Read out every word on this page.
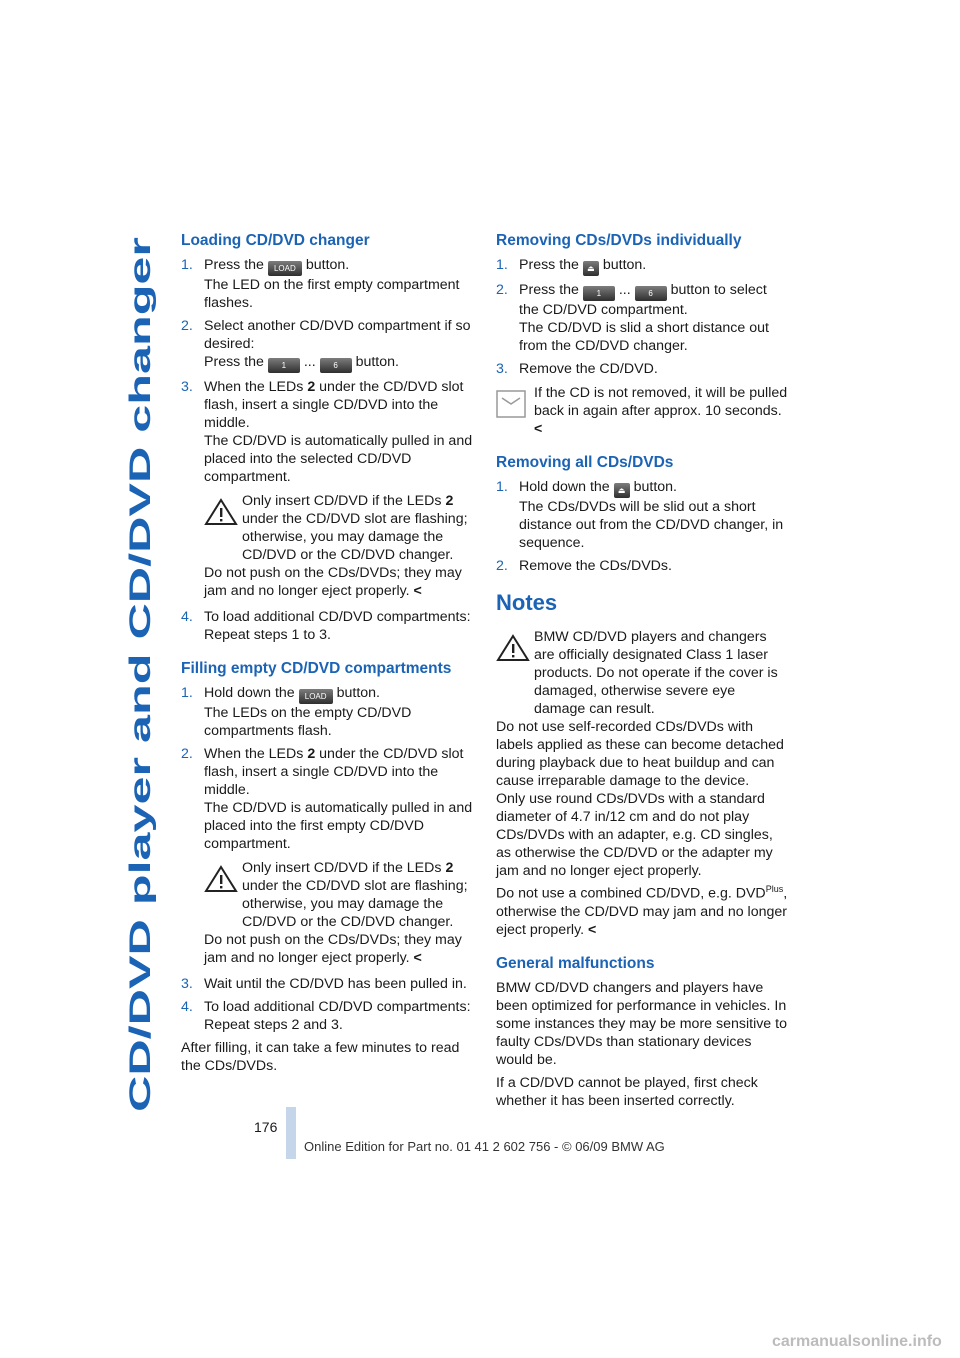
CD/DVD player and CD/DVD changer
Loading CD/DVD changer
1. Press the LOAD button.
The LED on the first empty compartment flashes.
2. Select another CD/DVD compartment if so desired:
Press the 1 ... 6 button.
3. When the LEDs 2 under the CD/DVD slot flash, insert a single CD/DVD into the middle.
The CD/DVD is automatically pulled in and placed into the selected CD/DVD compartment.
Only insert CD/DVD if the LEDs 2 under the CD/DVD slot are flashing; otherwise, you may damage the CD/DVD or the CD/DVD changer.
Do not push on the CDs/DVDs; they may jam and no longer eject properly. <
4. To load additional CD/DVD compartments:
Repeat steps 1 to 3.
Filling empty CD/DVD compartments
1. Hold down the LOAD button.
The LEDs on the empty CD/DVD compartments flash.
2. When the LEDs 2 under the CD/DVD slot flash, insert a single CD/DVD into the middle.
The CD/DVD is automatically pulled in and placed into the first empty CD/DVD compartment.
Only insert CD/DVD if the LEDs 2 under the CD/DVD slot are flashing; otherwise, you may damage the CD/DVD or the CD/DVD changer.
Do not push on the CDs/DVDs; they may jam and no longer eject properly. <
3. Wait until the CD/DVD has been pulled in.
4. To load additional CD/DVD compartments:
Repeat steps 2 and 3.

After filling, it can take a few minutes to read the CDs/DVDs.

Removing CDs/DVDs individually
1. Press the ⏏ button.
2. Press the 1 ... 6 button to select the CD/DVD compartment.
The CD/DVD is slid a short distance out from the CD/DVD changer.
3. Remove the CD/DVD.
If the CD is not removed, it will be pulled back in again after approx. 10 seconds. <
Removing all CDs/DVDs
1. Hold down the ⏏ button.
The CDs/DVDs will be slid out a short distance out from the CD/DVD changer, in sequence.
2. Remove the CDs/DVDs.
Notes
BMW CD/DVD players and changers are officially designated Class 1 laser products. Do not operate if the cover is damaged, otherwise severe eye damage can result.

Do not use self-recorded CDs/DVDs with labels applied as these can become detached during playback due to heat buildup and can cause irreparable damage to the device.

Only use round CDs/DVDs with a standard diameter of 4.7 in/12 cm and do not play CDs/DVDs with an adapter, e.g. CD singles, as otherwise the CD/DVD or the adapter my jam and no longer eject properly.

Do not use a combined CD/DVD, e.g. $DVD^{Plus}$, otherwise the CD/DVD may jam and no longer eject properly. <

General malfunctions

BMW CD/DVD changers and players have been optimized for performance in vehicles. In some instances they may be more sensitive to faulty CDs/DVDs than stationary devices would be.

If a CD/DVD cannot be played, first check whether it has been inserted correctly.

176
Online Edition for Part no. 01 41 2 602 756 - © 06/09 BMW AG
carmanualsonline.info
